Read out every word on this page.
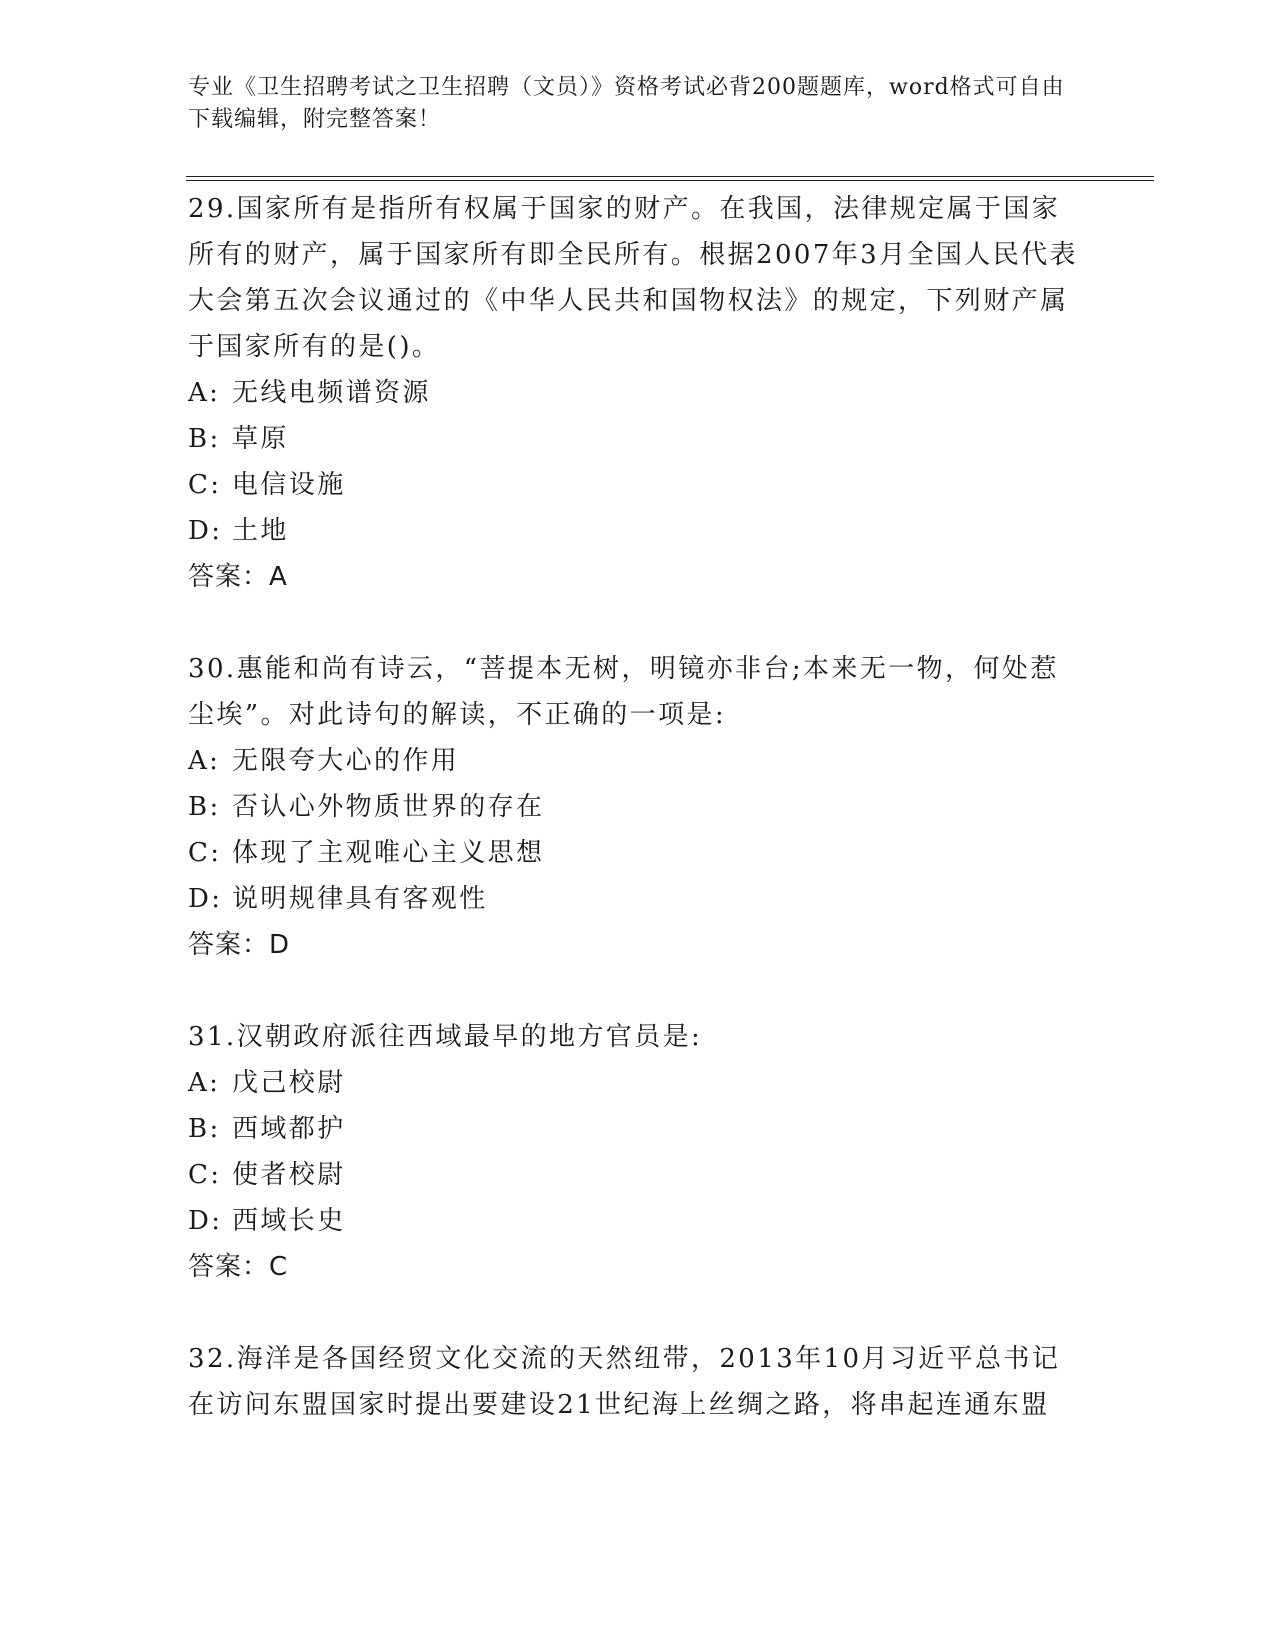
专业《卫生招聘考试之卫生招聘（文员）》资格考试必背200题题库，word格式可自由下载编辑，附完整答案！
29.国家所有是指所有权属于国家的财产。在我国，法律规定属于国家所有的财产，属于国家所有即全民所有。根据2007年3月全国人民代表大会第五次会议通过的《中华人民共和国物权法》的规定，下列财产属于国家所有的是()。
A: 无线电频谱资源
B: 草原
C: 电信设施
D: 土地
答案：A
30.惠能和尚有诗云，“菩提本无树，明镜亦非台;本来无一物，何处惹尘埃”。对此诗句的解读，不正确的一项是:
A: 无限夸大心的作用
B: 否认心外物质世界的存在
C: 体现了主观唯心主义思想
D: 说明规律具有客观性
答案：D
31.汉朝政府派往西域最早的地方官员是:
A: 戊己校尉
B: 西域都护
C: 使者校尉
D: 西域长史
答案：C
32.海洋是各国经贸文化交流的天然纽带，2013年10月习近平总书记在访问东盟国家时提出要建设21世纪海上丝绸之路，将串起连通东盟
